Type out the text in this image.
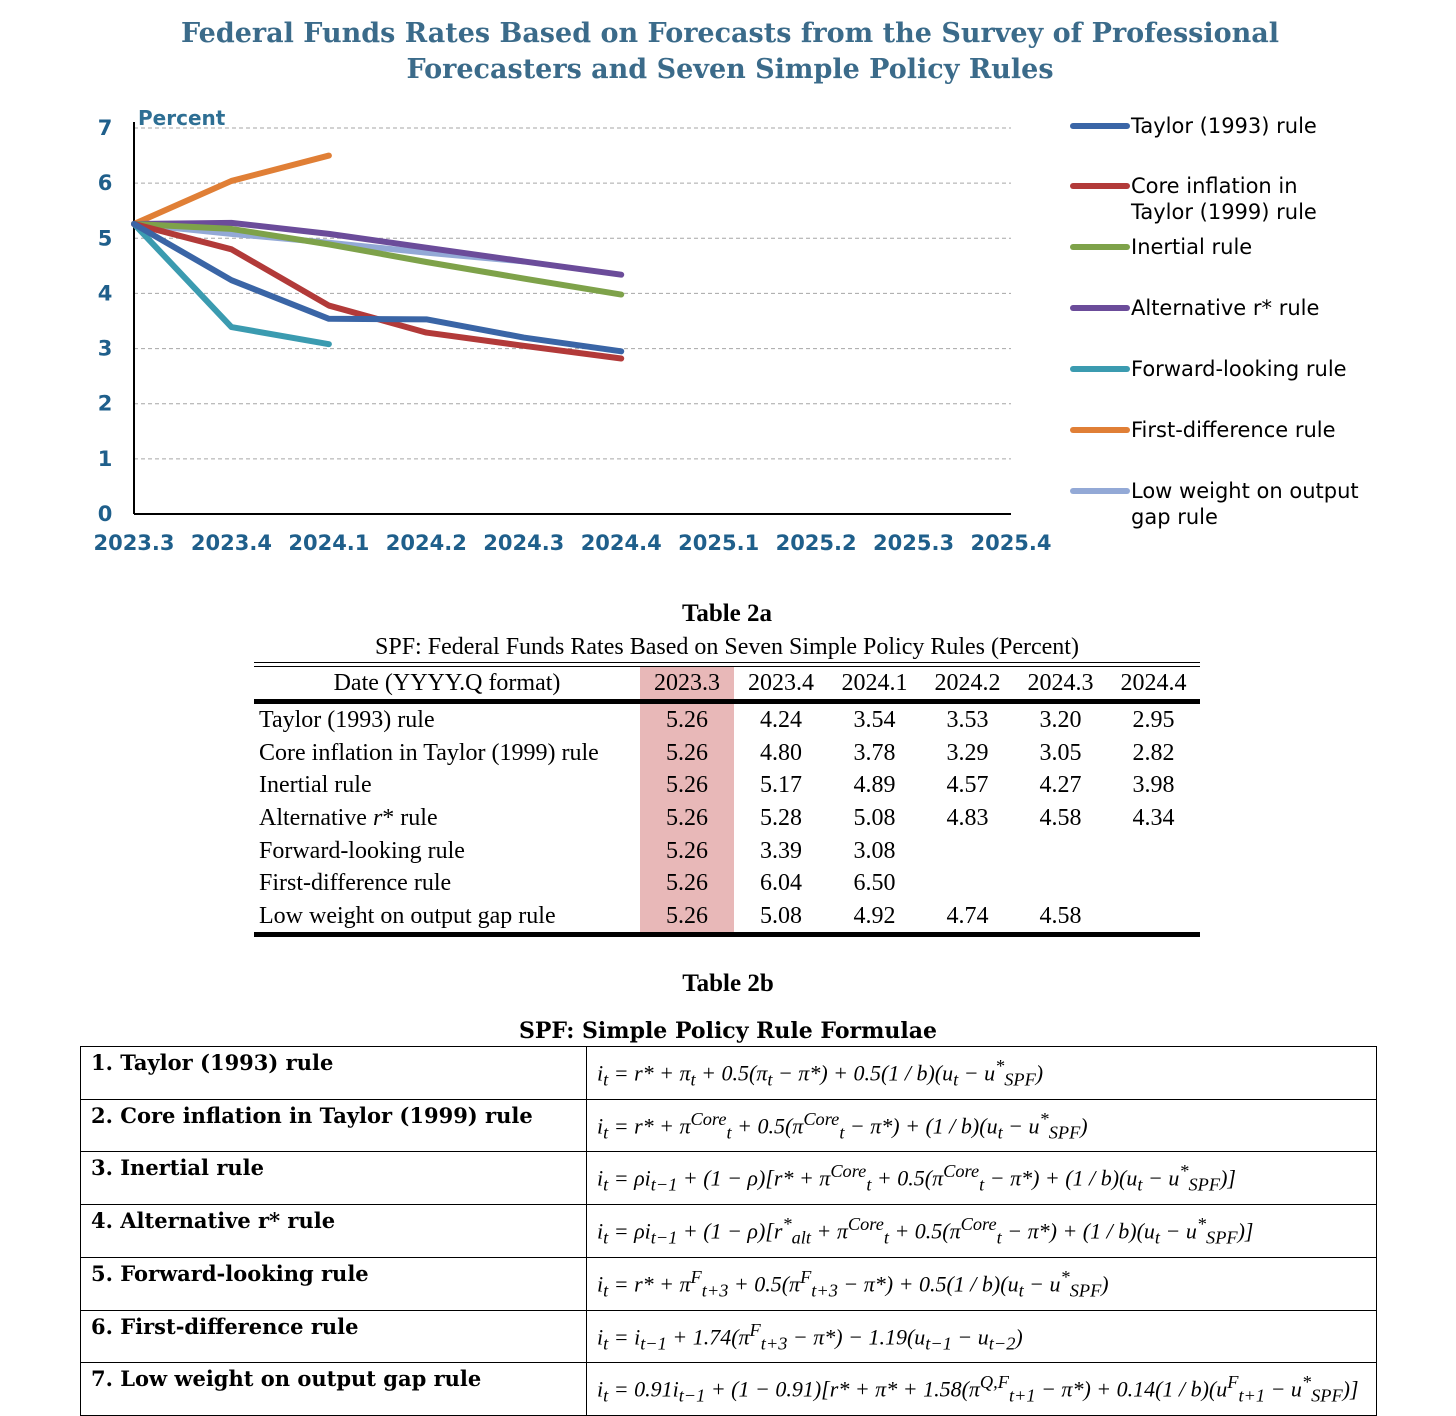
Federal Funds Rates Based on Forecasts from the Survey of Professional
Forecasters and Seven Simple Policy Rules
0
1
2
3
4
5
6
7
2023.3 2023.4 2024.1 2024.2 2024.3 2024.4 2025.1 2025.2 2025.3 2025.4
Percent	Taylor (1993) rule
Core inflation in
Taylor (1999) rule
Inertial rule
Alternative r* rule
Forward-looking rule
First-difference rule
Low weight on output
gap rule
Table 2a
SPF: Federal Funds Rates Based on Seven Simple Policy Rules (Percent)
Date (YYYY.Q format)	2023.3	2023.4	2024.1	2024.2	2024.3	2024.4
Taylor (1993) rule	5.26	4.24	3.54	3.53	3.20	2.95
Core inflation in Taylor (1999) rule	5.26	4.80	3.78	3.29	3.05	2.82
Inertial rule	5.26	5.17	4.89	4.57	4.27	3.98
Alternative r* rule	5.26	5.28	5.08	4.83	4.58	4.34
Forward-looking rule	5.26	3.39	3.08			
First-difference rule	5.26	6.04	6.50			
Low weight on output gap rule	5.26	5.08	4.92	4.74	4.58	
Table 2b
SPF: Simple Policy Rule Formulae
1. Taylor (1993) rule	$i_t = r* + \pi_t + 0.5(\pi_t - \pi*) + 0.5(1 / b)(u_t - u^*_{SPF})$
2. Core inflation in Taylor (1999) rule	$i_t = r* + \pi^{Core}_t + 0.5(\pi^{Core}_t - \pi*) + (1 / b)(u_t - u^*_{SPF})$
3. Inertial rule	$i_t = \rho i_{t-1} + (1 - \rho)[r* + \pi^{Core}_t + 0.5(\pi^{Core}_t - \pi*) + (1 / b)(u_t - u^*_{SPF})]$
4. Alternative r* rule	$i_t = \rho i_{t-1} + (1 - \rho)[r^*_{alt} + \pi^{Core}_t + 0.5(\pi^{Core}_t - \pi*) + (1 / b)(u_t - u^*_{SPF})]$
5. Forward-looking rule	$i_t = r* + \pi^F_{t+3} + 0.5(\pi^F_{t+3} - \pi*) + 0.5(1 / b)(u_t - u^*_{SPF})$
6. First-difference rule	$i_t = i_{t-1} + 1.74(\pi^F_{t+3} - \pi*) - 1.19(u_{t-1} - u_{t-2})$
7. Low weight on output gap rule	$i_t = 0.91i_{t-1} + (1 - 0.91)[r* + \pi* + 1.58(\pi^{Q,F}_{t+1} - \pi*) + 0.14(1 / b)(u^F_{t+1} - u^*_{SPF})]$
